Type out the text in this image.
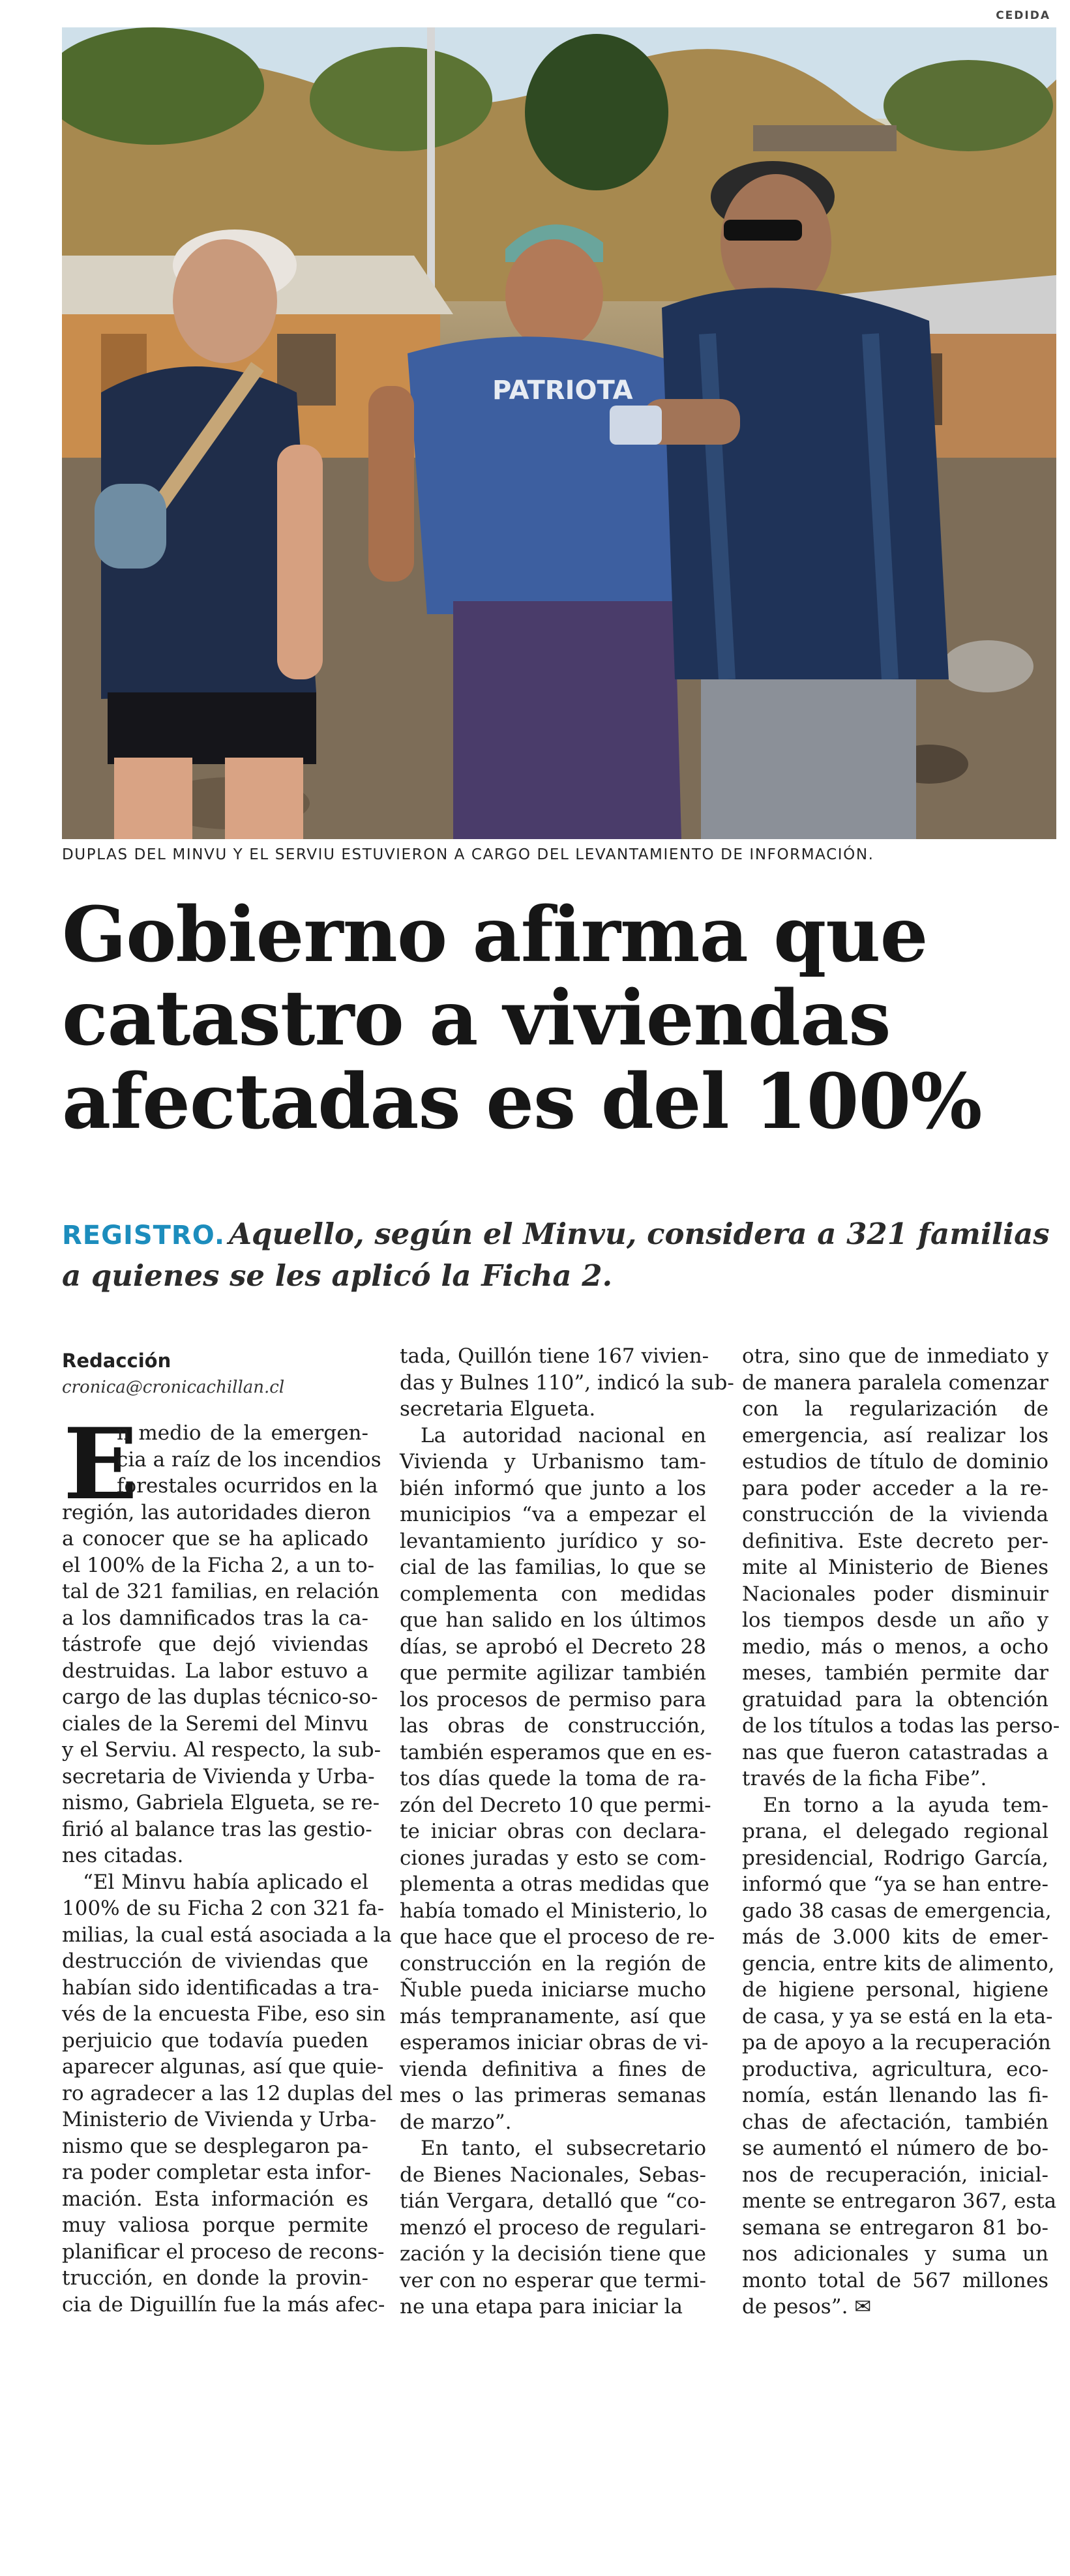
CEDIDA
PATRIOTA
DUPLAS DEL MINVU Y EL SERVIU ESTUVIERON A CARGO DEL LEVANTAMIENTO DE INFORMACIÓN.
Gobierno afirma que
catastro a viviendas
afectadas es del 100%
REGISTRO. Aquello, según el Minvu, considera a 321 familias
a quienes se les aplicó la Ficha 2.
Redacción
cronica@cronicachillan.cl
E
n medio de la emergen-
cia a raíz de los incendios
forestales ocurridos en la
región, las autoridades dieron
a conocer que se ha aplicado
el 100% de la Ficha 2, a un to-
tal de 321 familias, en relación
a los damnificados tras la ca-
tástrofe que dejó viviendas
destruidas. La labor estuvo a
cargo de las duplas técnico-so-
ciales de la Seremi del Minvu
y el Serviu. Al respecto, la sub-
secretaria de Vivienda y Urba-
nismo, Gabriela Elgueta, se re-
firió al balance tras las gestio-
nes citadas.
“El Minvu había aplicado el
100% de su Ficha 2 con 321 fa-
milias, la cual está asociada a la
destrucción de viviendas que
habían sido identificadas a tra-
vés de la encuesta Fibe, eso sin
perjuicio que todavía pueden
aparecer algunas, así que quie-
ro agradecer a las 12 duplas del
Ministerio de Vivienda y Urba-
nismo que se desplegaron pa-
ra poder completar esta infor-
mación. Esta información es
muy valiosa porque permite
planificar el proceso de recons-
trucción, en donde la provin-
cia de Diguillín fue la más afec-
tada, Quillón tiene 167 vivien-
das y Bulnes 110”, indicó la sub-
secretaria Elgueta.
La autoridad nacional en
Vivienda y Urbanismo tam-
bién informó que junto a los
municipios “va a empezar el
levantamiento jurídico y so-
cial de las familias, lo que se
complementa con medidas
que han salido en los últimos
días, se aprobó el Decreto 28
que permite agilizar también
los procesos de permiso para
las obras de construcción,
también esperamos que en es-
tos días quede la toma de ra-
zón del Decreto 10 que permi-
te iniciar obras con declara-
ciones juradas y esto se com-
plementa a otras medidas que
había tomado el Ministerio, lo
que hace que el proceso de re-
construcción en la región de
Ñuble pueda iniciarse mucho
más tempranamente, así que
esperamos iniciar obras de vi-
vienda definitiva a fines de
mes o las primeras semanas
de marzo”.
En tanto, el subsecretario
de Bienes Nacionales, Sebas-
tián Vergara, detalló que “co-
menzó el proceso de regulari-
zación y la decisión tiene que
ver con no esperar que termi-
ne una etapa para iniciar la
otra, sino que de inmediato y
de manera paralela comenzar
con la regularización de
emergencia, así realizar los
estudios de título de dominio
para poder acceder a la re-
construcción de la vivienda
definitiva. Este decreto per-
mite al Ministerio de Bienes
Nacionales poder disminuir
los tiempos desde un año y
medio, más o menos, a ocho
meses, también permite dar
gratuidad para la obtención
de los títulos a todas las perso-
nas que fueron catastradas a
través de la ficha Fibe”.
En torno a la ayuda tem-
prana, el delegado regional
presidencial, Rodrigo García,
informó que “ya se han entre-
gado 38 casas de emergencia,
más de 3.000 kits de emer-
gencia, entre kits de alimento,
de higiene personal, higiene
de casa, y ya se está en la eta-
pa de apoyo a la recuperación
productiva, agricultura, eco-
nomía, están llenando las fi-
chas de afectación, también
se aumentó el número de bo-
nos de recuperación, inicial-
mente se entregaron 367, esta
semana se entregaron 81 bo-
nos adicionales y suma un
monto total de 567 millones
de pesos”. ✉
